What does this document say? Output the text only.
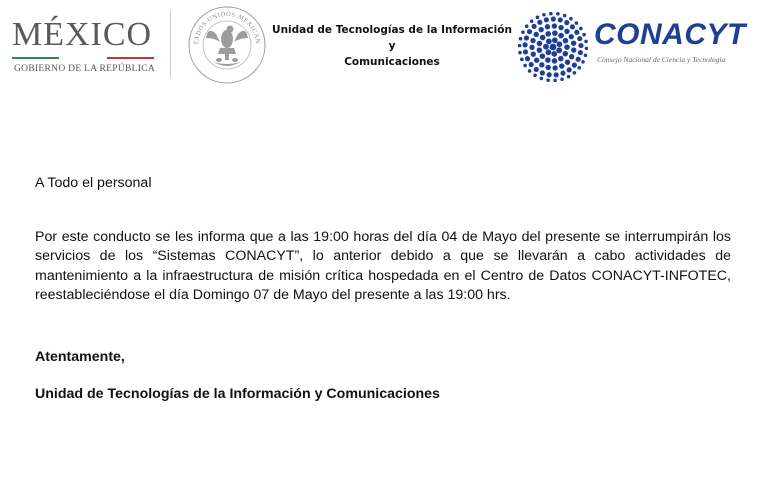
MÉXICO
GOBIERNO DE LA REPÚBLICA
TADOS UNIDOS MEXICAN
Unidad de Tecnologías de la Información y
Comunicaciones
CONACYT
Consejo Nacional de Ciencia y Tecnología

A Todo el personal

Por este conducto se les informa que a las 19:00 horas del día 04 de Mayo del presente se interrumpirán los servicios de los “Sistemas CONACYT”, lo anterior debido a que se llevarán a cabo actividades de mantenimiento a la infraestructura de misión crítica hospedada en el Centro de Datos CONACYT-INFOTEC, reestableciéndose el día Domingo 07 de Mayo del presente a las 19:00 hrs.

Atentamente,

Unidad de Tecnologías de la Información y Comunicaciones
